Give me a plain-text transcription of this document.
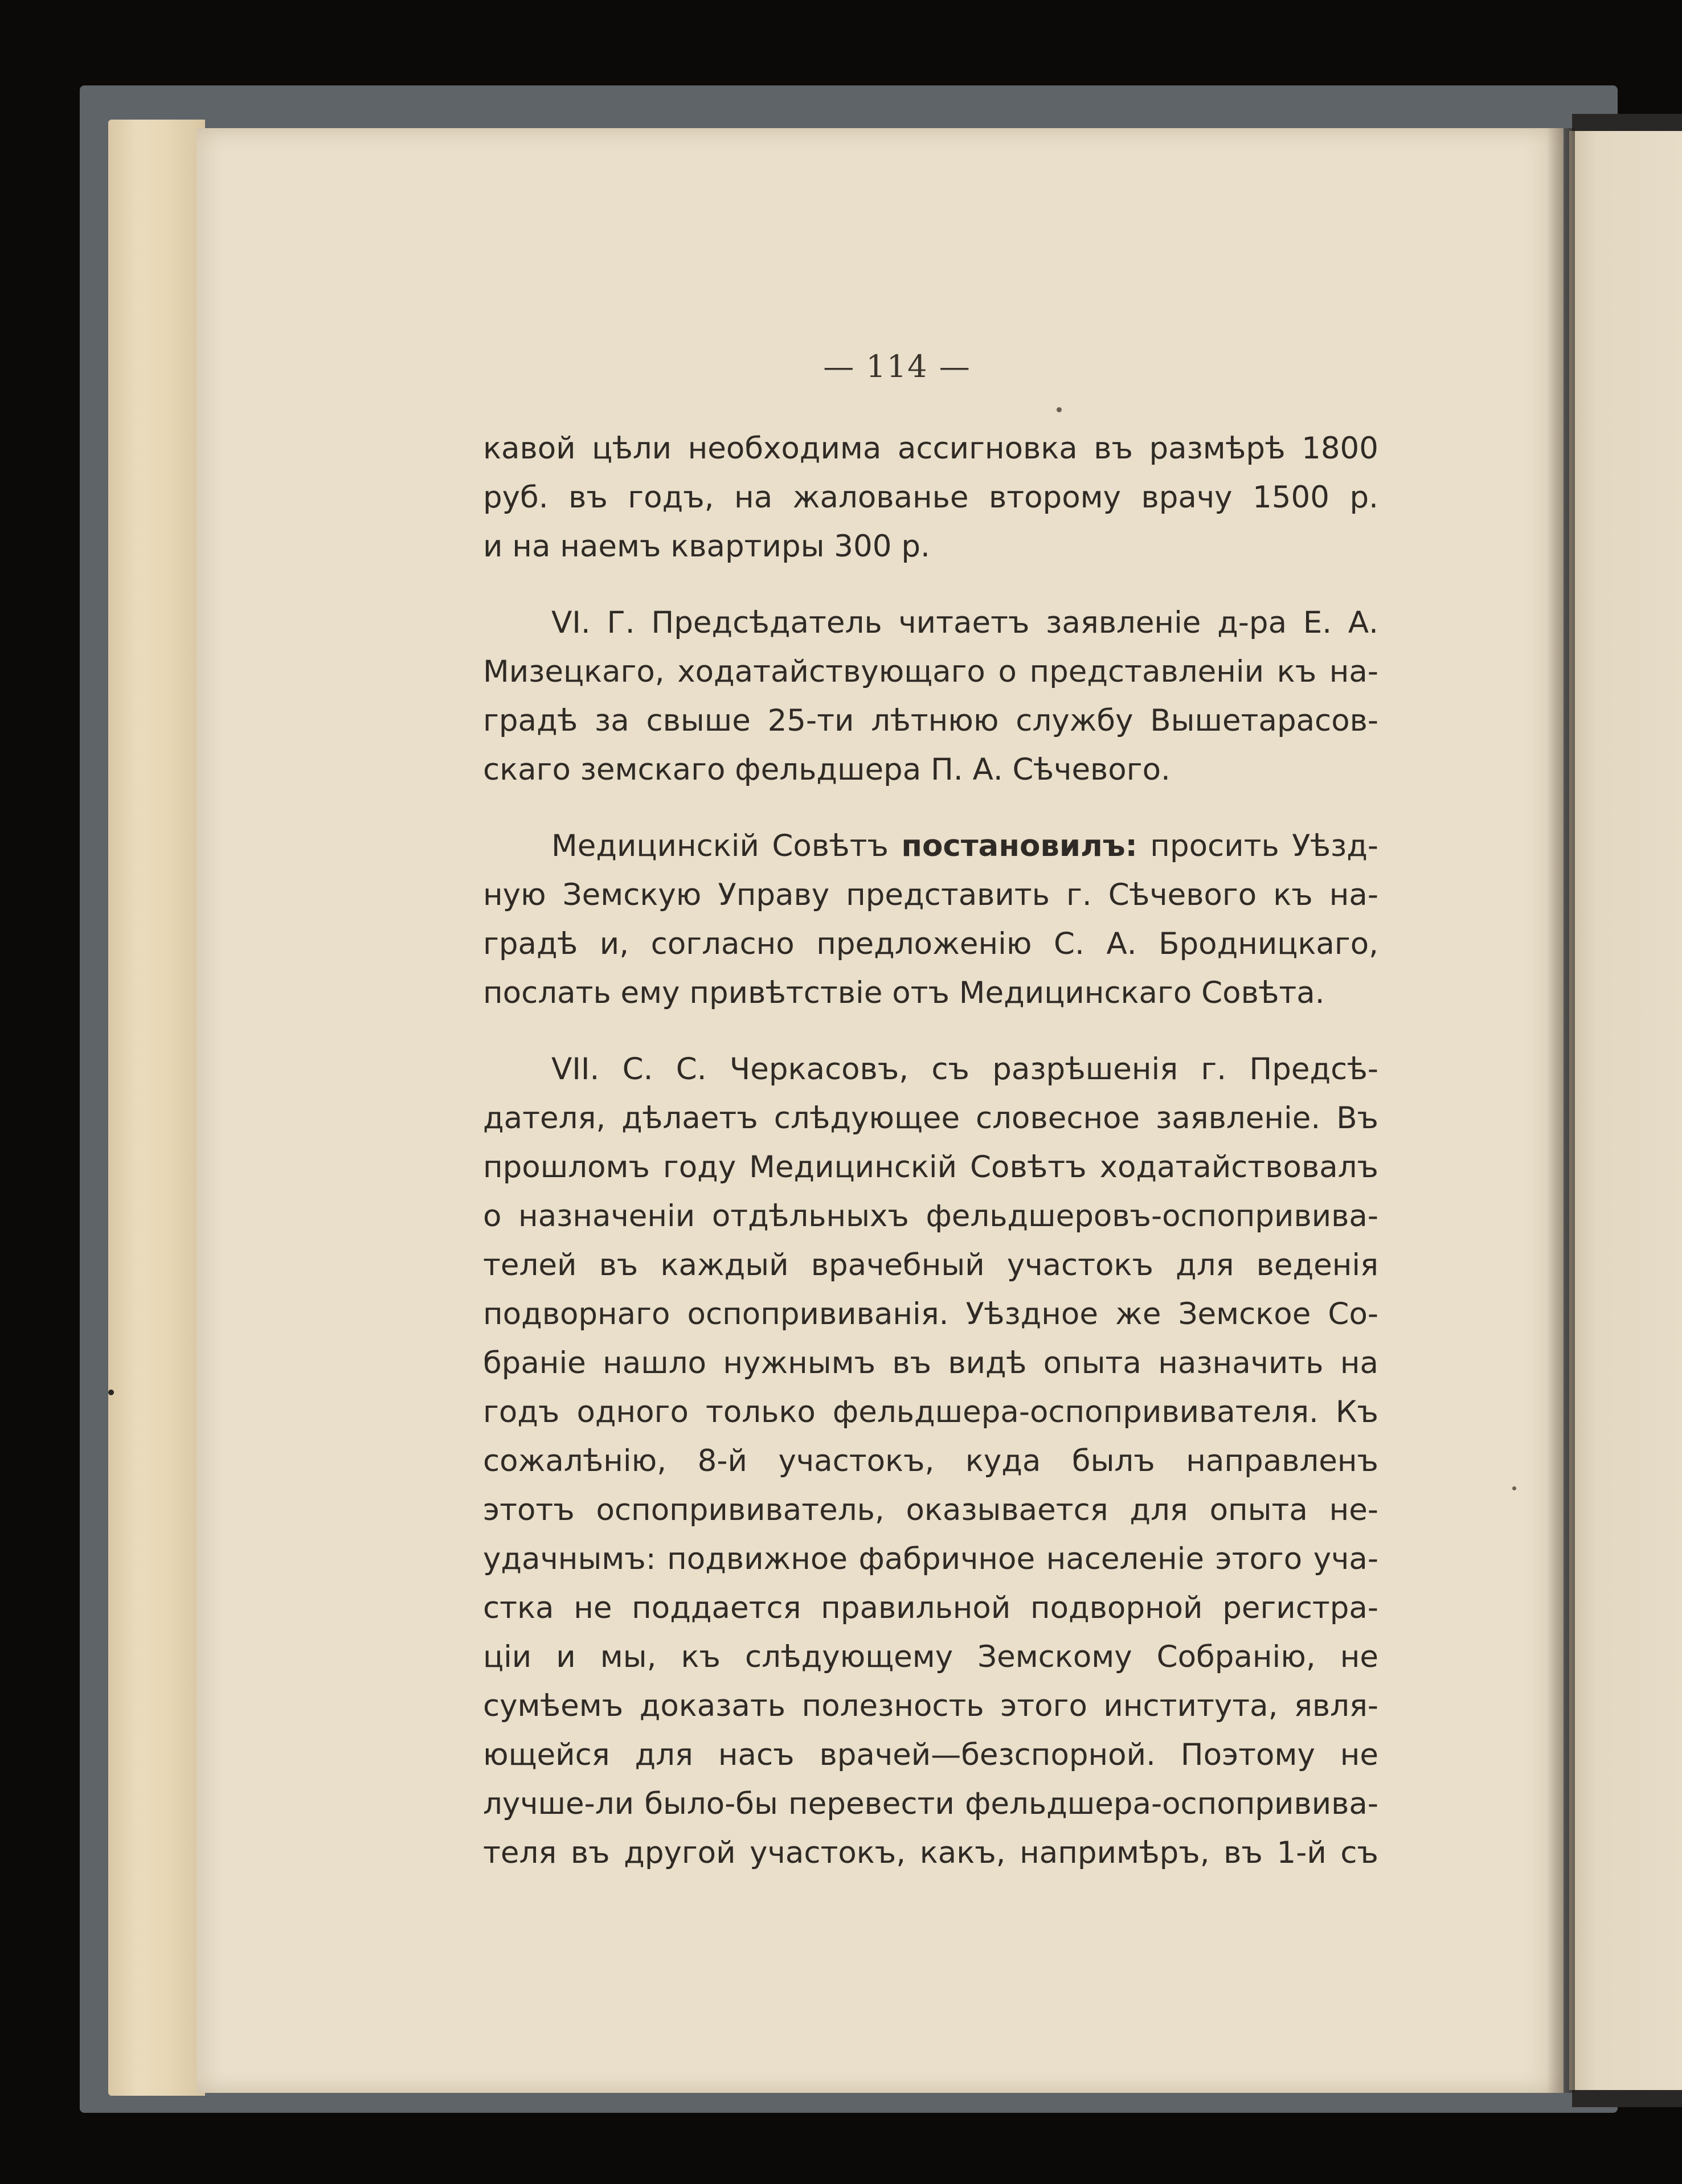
— 114 —
кавой цѣли необходима ассигновка въ размѣрѣ 1800
руб. въ годъ, на жалованье второму врачу 1500 р.
и на наемъ квартиры 300 р.
VI. Г. Предсѣдатель читаетъ заявленіе д-ра Е. А.
Мизецкаго, ходатайствующаго о представленіи къ на-
градѣ за свыше 25-ти лѣтнюю службу Вышетарасов-
скаго земскаго фельдшера П. А. Сѣчевого.
Медицинскій Совѣтъ постановилъ: просить Уѣзд-
ную Земскую Управу представить г. Сѣчевого къ на-
градѣ и, согласно предложенію С. А. Бродницкаго,
послать ему привѣтствіе отъ Медицинскаго Совѣта.
VII. С. С. Черкасовъ, съ разрѣшенія г. Предсѣ-
дателя, дѣлаетъ слѣдующее словесное заявленіе. Въ
прошломъ году Медицинскій Совѣтъ ходатайствовалъ
о назначеніи отдѣльныхъ фельдшеровъ-оспопривива-
телей въ каждый врачебный участокъ для веденія
подворнаго оспопрививанія. Уѣздное же Земское Со-
браніе нашло нужнымъ въ видѣ опыта назначить на
годъ одного только фельдшера-оспопрививателя. Къ
сожалѣнію, 8-й участокъ, куда былъ направленъ
этотъ оспопрививатель, оказывается для опыта не-
удачнымъ: подвижное фабричное населеніе этого уча-
стка не поддается правильной подворной регистра-
ціи и мы, къ слѣдующему Земскому Собранію, не
сумѣемъ доказать полезность этого института, явля-
ющейся для насъ врачей—безспорной. Поэтому не
лучше-ли было-бы перевести фельдшера-оспопривива-
теля въ другой участокъ, какъ, напримѣръ, въ 1-й съ
